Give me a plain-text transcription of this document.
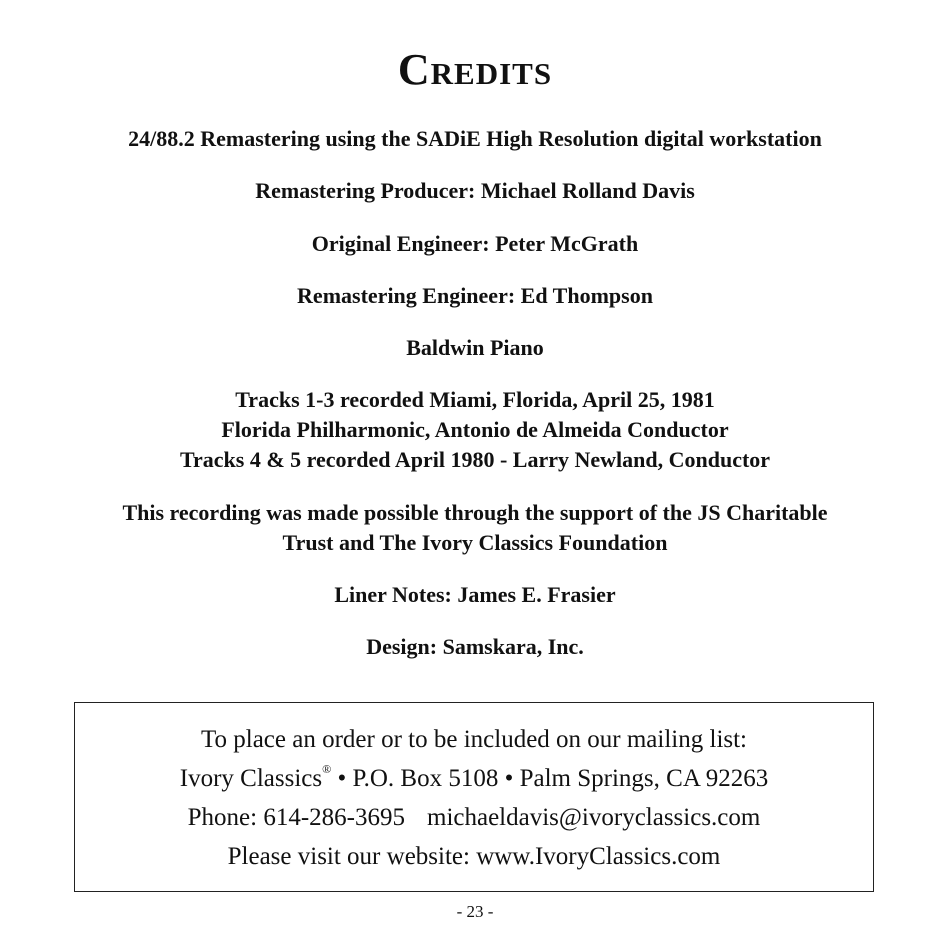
Credits
24/88.2 Remastering using the SADiE High Resolution digital workstation
Remastering Producer: Michael Rolland Davis
Original Engineer: Peter McGrath
Remastering Engineer: Ed Thompson
Baldwin Piano
Tracks 1-3 recorded Miami, Florida, April 25, 1981
Florida Philharmonic, Antonio de Almeida Conductor
Tracks 4 & 5 recorded April 1980 - Larry Newland, Conductor
This recording was made possible through the support of the JS Charitable
Trust and The Ivory Classics Foundation
Liner Notes: James E. Frasier
Design: Samskara, Inc.
To place an order or to be included on our mailing list:
Ivory Classics® • P.O. Box 5108 • Palm Springs, CA 92263
Phone: 614-286-3695 michaeldavis@ivoryclassics.com
Please visit our website: www.IvoryClassics.com
- 23 -
